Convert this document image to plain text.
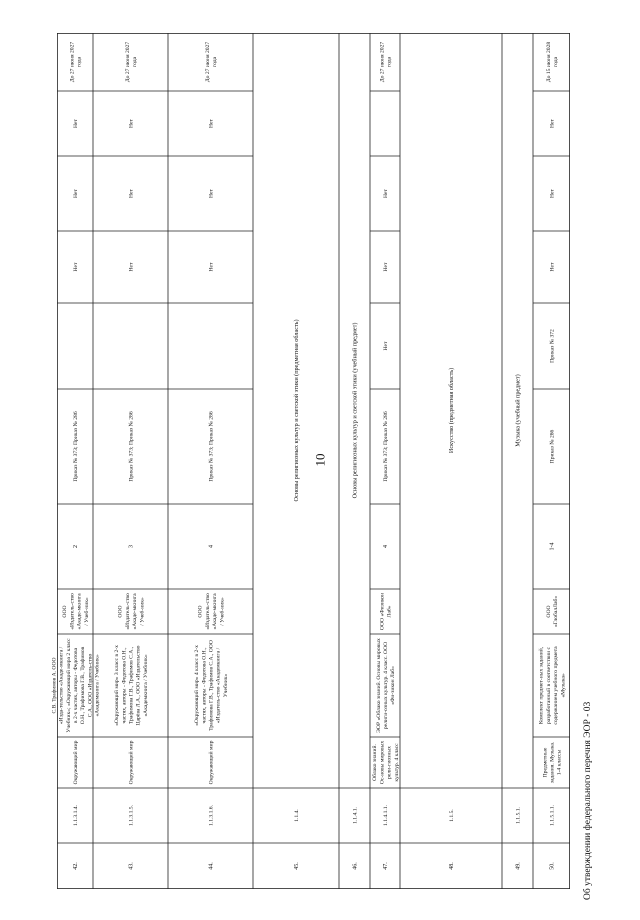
10
42.
1.1.3.1.4.
Окружающий мир
С.В. Трафимов А. ООО«Изда-тельство «Акаде-мкнига /Учебник»; «Окружающий мира 2 классв 2-х частях, авторы - ФедотоваО.Н., Трафимова Г.В., ТрафимовС.А., ООО «Издатель-ство«Академкнига / Учебник»
ООО«Издатель-ство«Акаде-мкнига/ Учеб-ник»
2
Приказ № 373; Приказ № 286
Нет
Нет
Нет
До 27 июня 2027года
43.
1.1.3.1.5.
Окружающий мир
«Окружающий мир» 3 класс в 2-хчастях, авторы - Федотова О.Н.,Трафимова Г.В., Трафимов С.А.,Царёва Л.А., ООО «Издательство«Академкнига / Учебник»
ООО«Издатель-ство«Акаде-мкнига/ Учеб-ник»
3
Приказ № 373; Приказ № 286
Нет
Нет
Нет
До 27 июня 2027года
44.
1.1.3.1.6.
Окружающий мир
«Окружающий мир» 4 класс в 2-хчастях, авторы - Федотова О.Н.,Трафимова Г.В., Трафимов С.А., ООО«Издатель-ство «Академкнига /Учебник»
ООО«Издатель-ство«Акаде-мкнига/ Учеб-ник»
4
Приказ № 373; Приказ № 286
Нет
Нет
Нет
До 27 июня 2027года
45.
1.1.4.
Основы религиозных культур и светской этики (предметная область)
46.
1.1.4.1.
Основы религиозных культур и светской этики (учебный предмет)
47.
1.1.4.1.1.
Облако знаний.Ос-новы мировыхрели-гиозныхкультур. 4 класс
ЭОР «Облако знаний. Основы мировыхрелиги-озных культур. 4 класс. ООО«Фи-зикон Лаб»
ООО «ФизиконЛаб»
4
Приказ № 373; Приказ № 286
Нет
Нет
Нет
До 27 июня 2027года
48.
1.1.5.
Искусство (предметная область)
49.
1.1.5.1.
Музыка (учебный предмет)
50.
1.1.5.1.1.
Предметныезадания. Музыка.1-4 классы
Комплект предмет-ных заданий,разработанный в соответствии ссодержанием учебного предмета«Музыка»
ООО«ГлобалЛаб»
1-4
Приказ № 286
Приказ № 372
Нет
Нет
Нет
До 15 июня 2028года
Об утверждении федерального перечня ЭОР - 03
